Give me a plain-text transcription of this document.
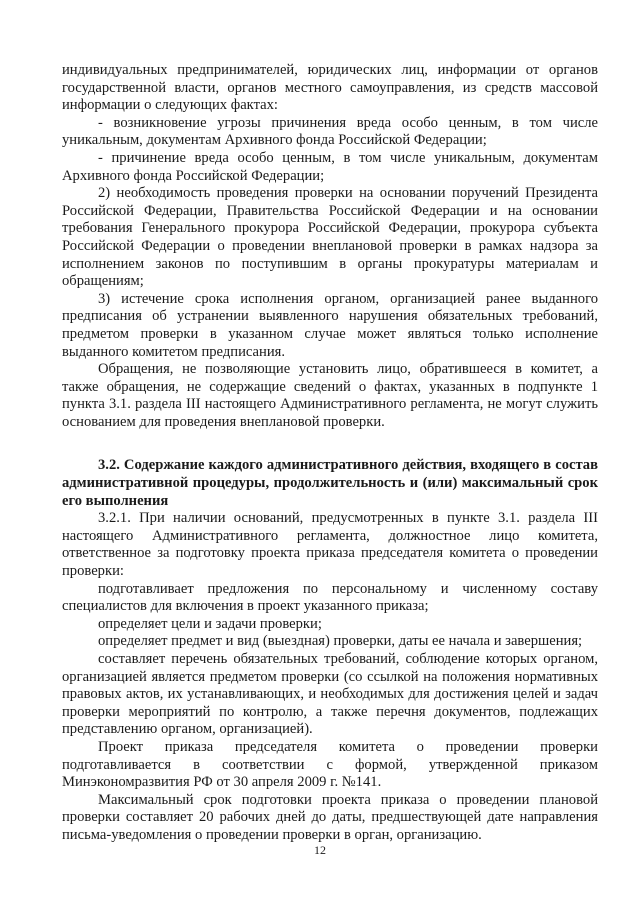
индивидуальных предпринимателей, юридических лиц, информации от органов государственной власти, органов местного самоуправления, из средств массовой информации о следующих фактах:

- возникновение угрозы причинения вреда особо ценным, в том числе уникальным, документам Архивного фонда Российской Федерации;

- причинение вреда особо ценным, в том числе уникальным, документам Архивного фонда Российской Федерации;

2) необходимость проведения проверки на основании поручений Президента Российской Федерации, Правительства Российской Федерации и на основании требования Генерального прокурора Российской Федерации, прокурора субъекта Российской Федерации о проведении внеплановой проверки в рамках надзора за исполнением законов по поступившим в органы прокуратуры материалам и обращениям;

3) истечение срока исполнения органом, организацией ранее выданного предписания об устранении выявленного нарушения обязательных требований, предметом проверки в указанном случае может являться только исполнение выданного комитетом предписания.

Обращения, не позволяющие установить лицо, обратившееся в комитет, а также обращения, не содержащие сведений о фактах, указанных в подпункте 1 пункта 3.1. раздела III настоящего Административного регламента, не могут служить основанием для проведения внеплановой проверки.

3.2. Содержание каждого административного действия, входящего в состав административной процедуры, продолжительность и (или) максимальный срок его выполнения

3.2.1. При наличии оснований, предусмотренных в пункте 3.1. раздела III настоящего Административного регламента, должностное лицо комитета, ответственное за подготовку проекта приказа председателя комитета о проведении проверки:

подготавливает предложения по персональному и численному составу специалистов для включения в проект указанного приказа;

определяет цели и задачи проверки;

определяет предмет и вид (выездная) проверки, даты ее начала и завершения;

составляет перечень обязательных требований, соблюдение которых органом, организацией является предметом проверки (со ссылкой на положения нормативных правовых актов, их устанавливающих, и необходимых для достижения целей и задач проверки мероприятий по контролю, а также перечня документов, подлежащих представлению органом, организацией).

Проект приказа председателя комитета о проведении проверки подготавливается в соответствии с формой, утвержденной приказом Минэкономразвития РФ от 30 апреля 2009 г. №141.

Максимальный срок подготовки проекта приказа о проведении плановой проверки составляет 20 рабочих дней до даты, предшествующей дате направления письма-уведомления о проведении проверки в орган, организацию.

12
